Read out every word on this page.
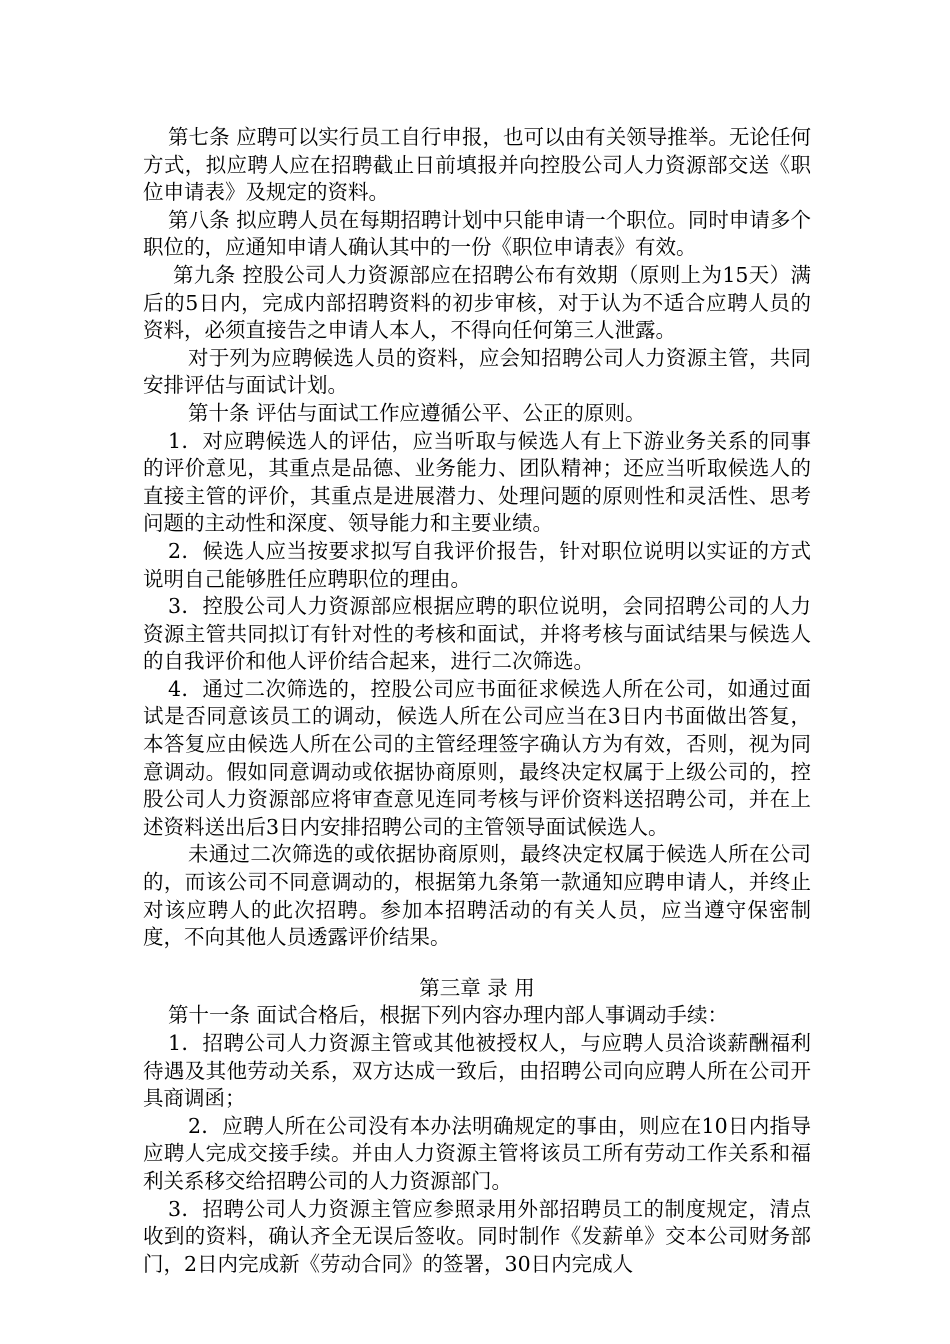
第七条 应聘可以实行员工自行申报，也可以由有关领导推举。无论任何方式，拟应聘人应在招聘截止日前填报并向控股公司人力资源部交送《职位申请表》及规定的资料。

第八条 拟应聘人员在每期招聘计划中只能申请一个职位。同时申请多个职位的，应通知申请人确认其中的一份《职位申请表》有效。

第九条 控股公司人力资源部应在招聘公布有效期（原则上为15天）满后的5日内，完成内部招聘资料的初步审核，对于认为不适合应聘人员的资料，必须直接告之申请人本人，不得向任何第三人泄露。

对于列为应聘候选人员的资料，应会知招聘公司人力资源主管，共同安排评估与面试计划。

第十条 评估与面试工作应遵循公平、公正的原则。

1．对应聘候选人的评估，应当听取与候选人有上下游业务关系的同事的评价意见，其重点是品德、业务能力、团队精神；还应当听取候选人的直接主管的评价，其重点是进展潜力、处理问题的原则性和灵活性、思考问题的主动性和深度、领导能力和主要业绩。

2．候选人应当按要求拟写自我评价报告，针对职位说明以实证的方式说明自己能够胜任应聘职位的理由。

3．控股公司人力资源部应根据应聘的职位说明，会同招聘公司的人力资源主管共同拟订有针对性的考核和面试，并将考核与面试结果与候选人的自我评价和他人评价结合起来，进行二次筛选。

4．通过二次筛选的，控股公司应书面征求候选人所在公司，如通过面试是否同意该员工的调动，候选人所在公司应当在3日内书面做出答复，本答复应由候选人所在公司的主管经理签字确认方为有效，否则，视为同意调动。假如同意调动或依据协商原则，最终决定权属于上级公司的，控股公司人力资源部应将审查意见连同考核与评价资料送招聘公司，并在上述资料送出后3日内安排招聘公司的主管领导面试候选人。

未通过二次筛选的或依据协商原则，最终决定权属于候选人所在公司的，而该公司不同意调动的，根据第九条第一款通知应聘申请人，并终止对该应聘人的此次招聘。参加本招聘活动的有关人员，应当遵守保密制度，不向其他人员透露评价结果。

第三章 录 用

第十一条 面试合格后，根据下列内容办理内部人事调动手续：

1．招聘公司人力资源主管或其他被授权人，与应聘人员洽谈薪酬福利待遇及其他劳动关系，双方达成一致后，由招聘公司向应聘人所在公司开具商调函；

2．应聘人所在公司没有本办法明确规定的事由，则应在10日内指导应聘人完成交接手续。并由人力资源主管将该员工所有劳动工作关系和福利关系移交给招聘公司的人力资源部门。

3．招聘公司人力资源主管应参照录用外部招聘员工的制度规定，清点收到的资料，确认齐全无误后签收。同时制作《发薪单》交本公司财务部门，2日内完成新《劳动合同》的签署，30日内完成人
